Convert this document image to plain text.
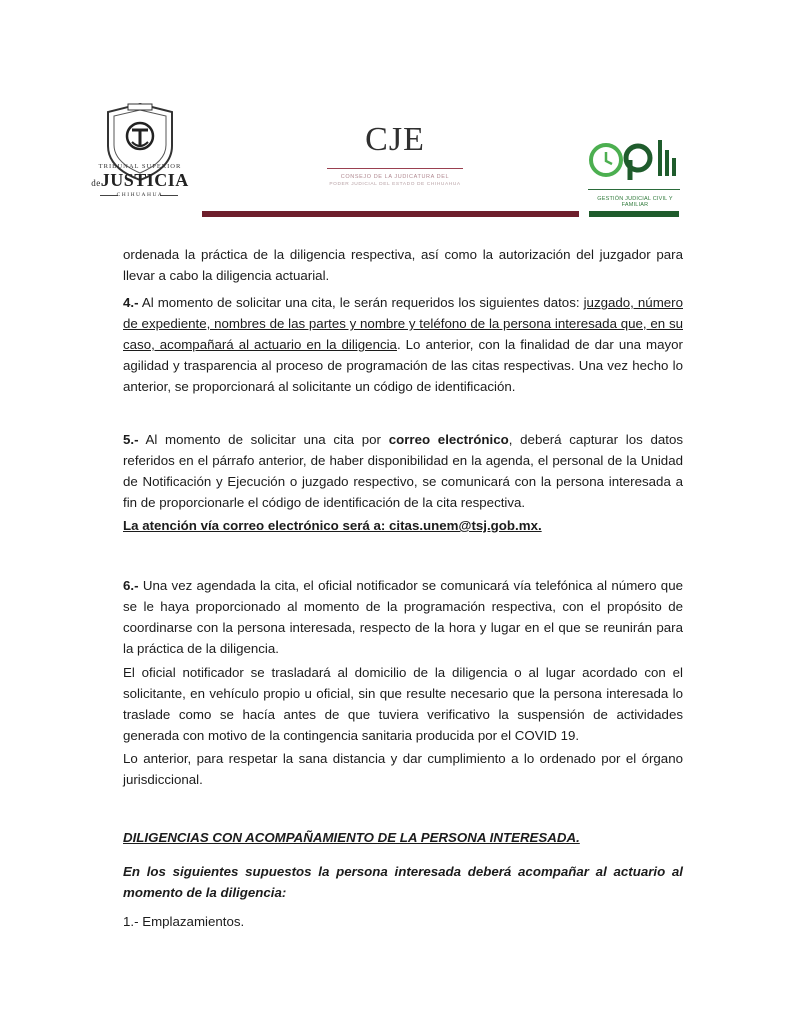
TRIBUNAL SUPERIOR
deJUSTICIA
CHIHUAHUA
CJE
CONSEJO DE LA JUDICATURA DEL
PODER JUDICIAL DEL ESTADO DE CHIHUAHUA
GESTIÓN JUDICIAL CIVIL Y FAMILIAR
ordenada la práctica de la diligencia respectiva, así como la autorización del juzgador para llevar a cabo la diligencia actuarial.
4.- Al momento de solicitar una cita, le serán requeridos los siguientes datos: juzgado, número de expediente, nombres de las partes y nombre y teléfono de la persona interesada que, en su caso, acompañará al actuario en la diligencia. Lo anterior, con la finalidad de dar una mayor agilidad y trasparencia al proceso de programación de las citas respectivas. Una vez hecho lo anterior, se proporcionará al solicitante un código de identificación.
5.- Al momento de solicitar una cita por correo electrónico, deberá capturar los datos referidos en el párrafo anterior, de haber disponibilidad en la agenda, el personal de la Unidad de Notificación y Ejecución o juzgado respectivo, se comunicará con la persona interesada a fin de proporcionarle el código de identificación de la cita respectiva.
La atención vía correo electrónico será a: citas.unem@tsj.gob.mx.
6.- Una vez agendada la cita, el oficial notificador se comunicará vía telefónica al número que se le haya proporcionado al momento de la programación respectiva, con el propósito de coordinarse con la persona interesada, respecto de la hora y lugar en el que se reunirán para la práctica de la diligencia.
El oficial notificador se trasladará al domicilio de la diligencia o al lugar acordado con el solicitante, en vehículo propio u oficial, sin que resulte necesario que la persona interesada lo traslade como se hacía antes de que tuviera verificativo la suspensión de actividades generada con motivo de la contingencia sanitaria producida por el COVID 19.
Lo anterior, para respetar la sana distancia y dar cumplimiento a lo ordenado por el órgano jurisdiccional.
DILIGENCIAS CON ACOMPAÑAMIENTO DE LA PERSONA INTERESADA.
En los siguientes supuestos la persona interesada deberá acompañar al actuario al momento de la diligencia:
1.- Emplazamientos.
